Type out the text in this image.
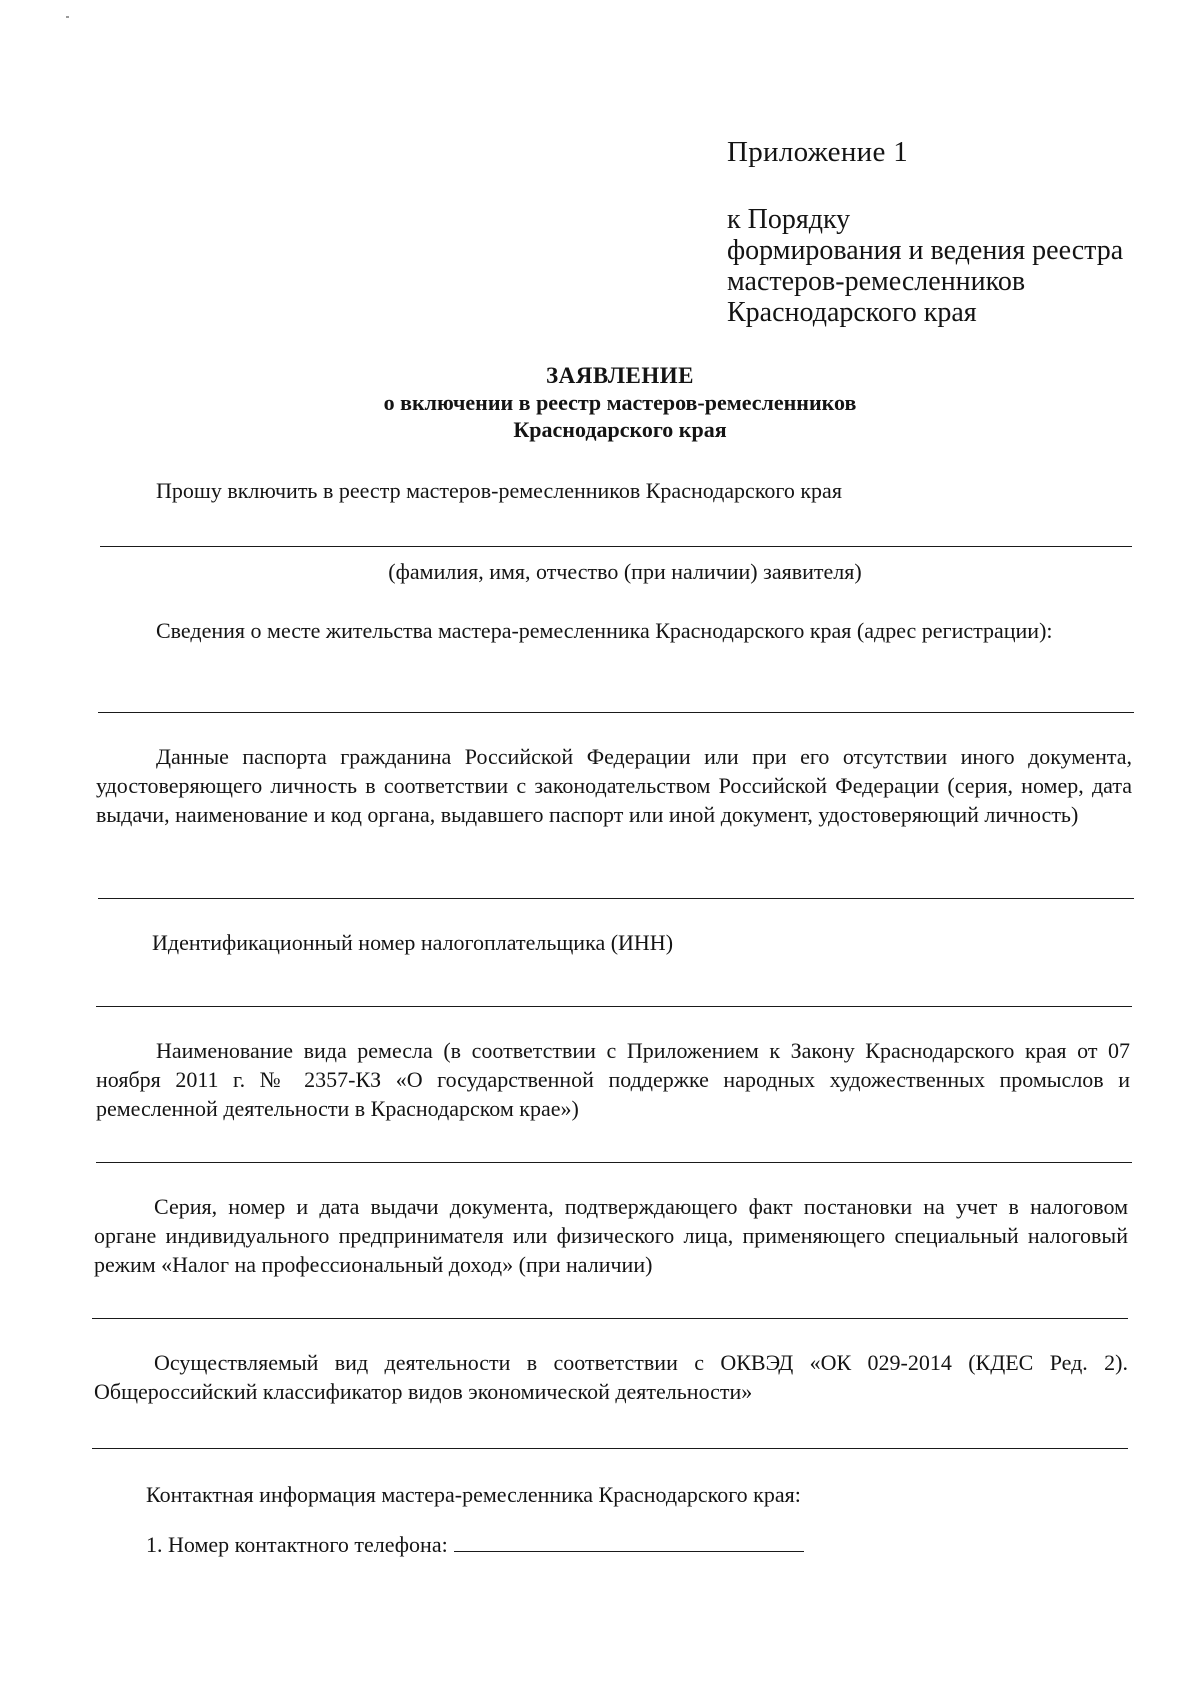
Приложение 1
к Порядку
формирования и ведения реестра
мастеров-ремесленников
Краснодарского края
ЗАЯВЛЕНИЕ
о включении в реестр мастеров-ремесленников
Краснодарского края
Прошу включить в реестр мастеров-ремесленников Краснодарского края
(фамилия, имя, отчество (при наличии) заявителя)
Сведения о месте жительства мастера-ремесленника Краснодарского края (адрес регистрации):
Данные паспорта гражданина Российской Федерации или при его отсутствии иного документа, удостоверяющего личность в соответствии с законодательством Российской Федерации (серия, номер, дата выдачи, наименование и код органа, выдавшего паспорт или иной документ, удостоверяющий личность)
Идентификационный номер налогоплательщика (ИНН)
Наименование вида ремесла (в соответствии с Приложением к Закону Краснодарского края от 07 ноября 2011 г. № 2357-КЗ «О государственной поддержке народных художественных промыслов и ремесленной деятельности в Краснодарском крае»)
Серия, номер и дата выдачи документа, подтверждающего факт постановки на учет в налоговом органе индивидуального предпринимателя или физического лица, применяющего специальный налоговый режим «Налог на профессиональный доход» (при наличии)
Осуществляемый вид деятельности в соответствии с ОКВЭД «ОК 029-2014 (КДЕС Ред. 2). Общероссийский классификатор видов экономической деятельности»
Контактная информация мастера-ремесленника Краснодарского края:
1. Номер контактного телефона:
